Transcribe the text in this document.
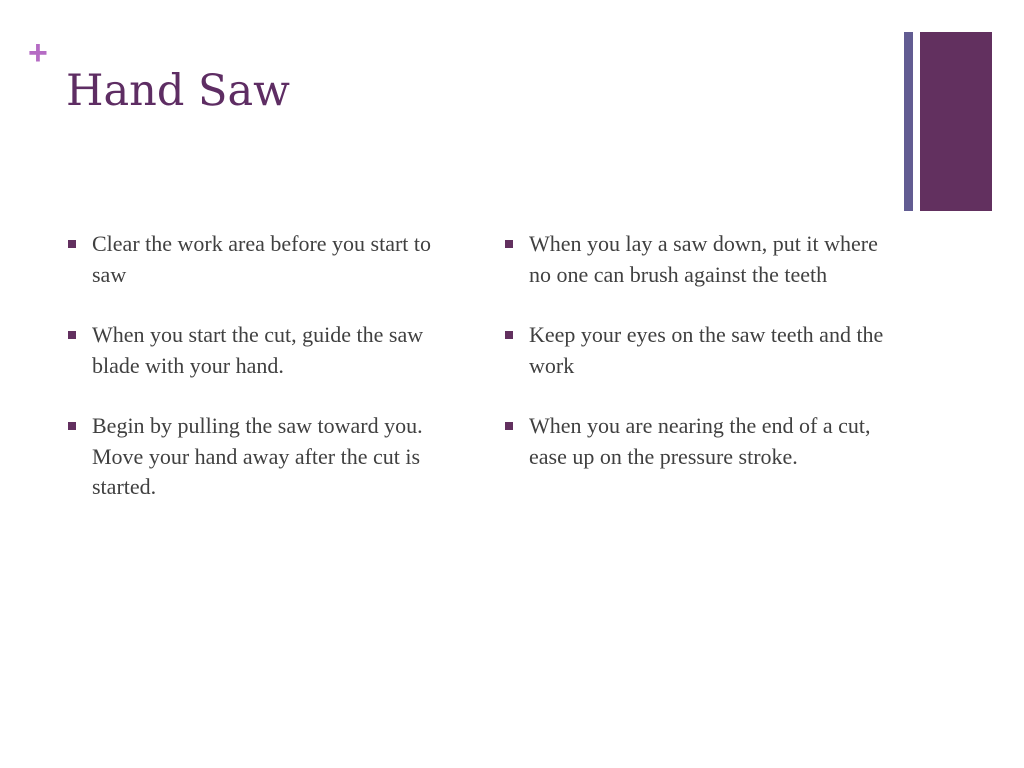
+
Hand Saw
Clear the work area before you start to saw
When you start the cut, guide the saw blade with your hand.
Begin by pulling the saw toward you. Move your hand away after the cut is started.
When you lay a saw down, put it where no one can brush against the teeth
Keep your eyes on the saw teeth and the work
When you are nearing the end of a cut, ease up on the pressure stroke.
